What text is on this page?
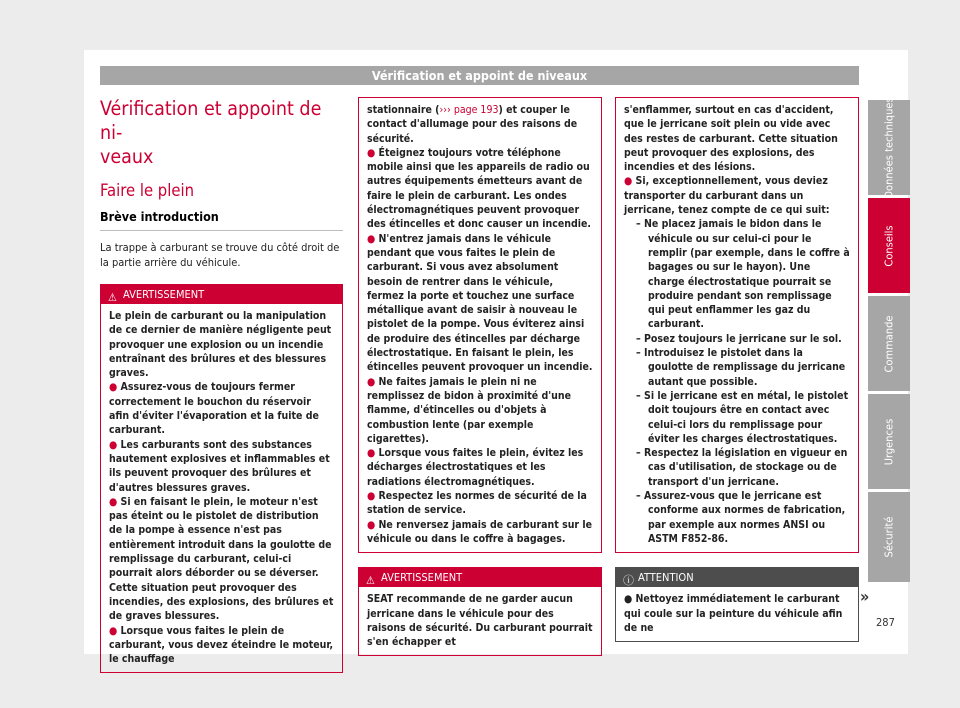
Vérification et appoint de niveaux
Vérification et appoint de ni-
veaux
Faire le plein
Brève introduction

La trappe à carburant se trouve du côté droit de la partie arrière du véhicule.

⚠ AVERTISSEMENT

Le plein de carburant ou la manipulation de ce dernier de manière négligente peut provoquer une explosion ou un incendie entraînant des brûlures et des blessures graves.

● Assurez-vous de toujours fermer correctement le bouchon du réservoir afin d'éviter l'évaporation et la fuite de carburant.

● Les carburants sont des substances hautement explosives et inflammables et ils peuvent provoquer des brûlures et d'autres blessures graves.

● Si en faisant le plein, le moteur n'est pas éteint ou le pistolet de distribution de la pompe à essence n'est pas entièrement introduit dans la goulotte de remplissage du carburant, celui-ci pourrait alors déborder ou se déverser. Cette situation peut provoquer des incendies, des explosions, des brûlures et de graves blessures.

● Lorsque vous faites le plein de carburant, vous devez éteindre le moteur, le chauffage

stationnaire (››› page 193) et couper le contact d'allumage pour des raisons de sécurité.

● Éteignez toujours votre téléphone mobile ainsi que les appareils de radio ou autres équipements émetteurs avant de faire le plein de carburant. Les ondes électromagnétiques peuvent provoquer des étincelles et donc causer un incendie.

● N'entrez jamais dans le véhicule pendant que vous faites le plein de carburant. Si vous avez absolument besoin de rentrer dans le véhicule, fermez la porte et touchez une surface métallique avant de saisir à nouveau le pistolet de la pompe. Vous éviterez ainsi de produire des étincelles par décharge électrostatique. En faisant le plein, les étincelles peuvent provoquer un incendie.

● Ne faites jamais le plein ni ne remplissez de bidon à proximité d'une flamme, d'étincelles ou d'objets à combustion lente (par exemple cigarettes).

● Lorsque vous faites le plein, évitez les décharges électrostatiques et les radiations électromagnétiques.

● Respectez les normes de sécurité de la station de service.

● Ne renversez jamais de carburant sur le véhicule ou dans le coffre à bagages.

⚠ AVERTISSEMENT

SEAT recommande de ne garder aucun jerricane dans le véhicule pour des raisons de sécurité. Du carburant pourrait s'en échapper et

s'enflammer, surtout en cas d'accident, que le jerricane soit plein ou vide avec des restes de carburant. Cette situation peut provoquer des explosions, des incendies et des lésions.

● Si, exceptionnellement, vous deviez transporter du carburant dans un jerricane, tenez compte de ce qui suit:

– Ne placez jamais le bidon dans le véhicule ou sur celui-ci pour le remplir (par exemple, dans le coffre à bagages ou sur le hayon). Une charge électrostatique pourrait se produire pendant son remplissage qui peut enflammer les gaz du carburant.
– Posez toujours le jerricane sur le sol.
– Introduisez le pistolet dans la goulotte de remplissage du jerricane autant que possible.
– Si le jerricane est en métal, le pistolet doit toujours être en contact avec celui-ci lors du remplissage pour éviter les charges électrostatiques.
– Respectez la législation en vigueur en cas d'utilisation, de stockage ou de transport d'un jerricane.
– Assurez-vous que le jerricane est conforme aux normes de fabrication, par exemple aux normes ANSI ou ASTM F852-86.
ⓘ ATTENTION

● Nettoyez immédiatement le carburant qui coule sur la peinture du véhicule afin de ne

Données techniques
Conseils
Commande
Urgences
Sécurité
»
287
